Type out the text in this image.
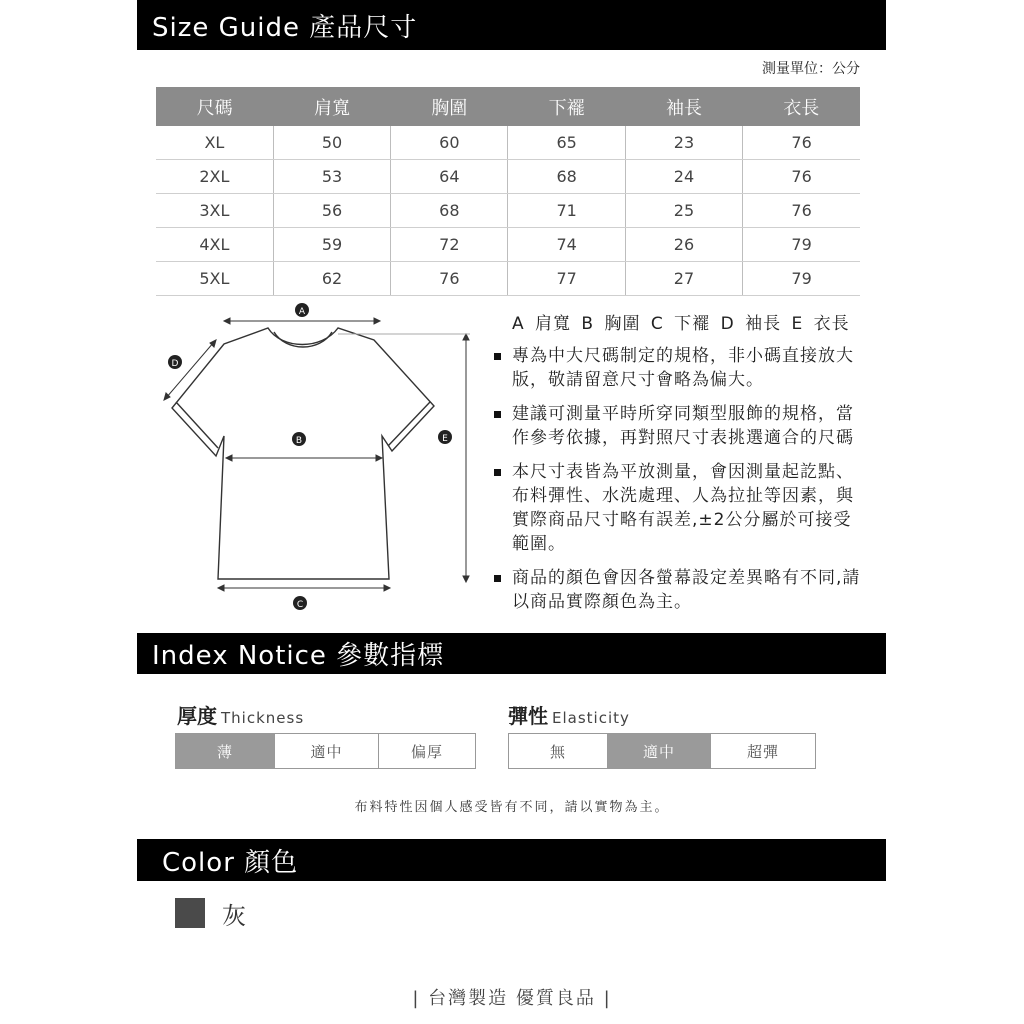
Size Guide 產品尺寸
測量單位：公分
尺碼	肩寬	胸圍	下襬	袖長	衣長
XL	50	60	65	23	76
2XL	53	64	68	24	76
3XL	56	68	71	25	76
4XL	59	72	74	26	79
5XL	62	76	77	27	79
A
B
C
D
E
A 肩寬 B 胸圍 C 下襬 D 袖長 E 衣長
專為中大尺碼制定的規格，非小碼直接放大版，敬請留意尺寸會略為偏大。
建議可測量平時所穿同類型服飾的規格，當作參考依據，再對照尺寸表挑選適合的尺碼
本尺寸表皆為平放測量，會因測量起訖點、布料彈性、水洗處理、人為拉扯等因素，與實際商品尺寸略有誤差,±2公分屬於可接受範圍。
商品的顏色會因各螢幕設定差異略有不同,請以商品實際顏色為主。
Index Notice 參數指標
厚度 Thickness
薄	適中	偏厚
彈性 Elasticity
無	適中	超彈
布料特性因個人感受皆有不同，請以實物為主。
Color 顏色
灰
| 台灣製造 優質良品 |
